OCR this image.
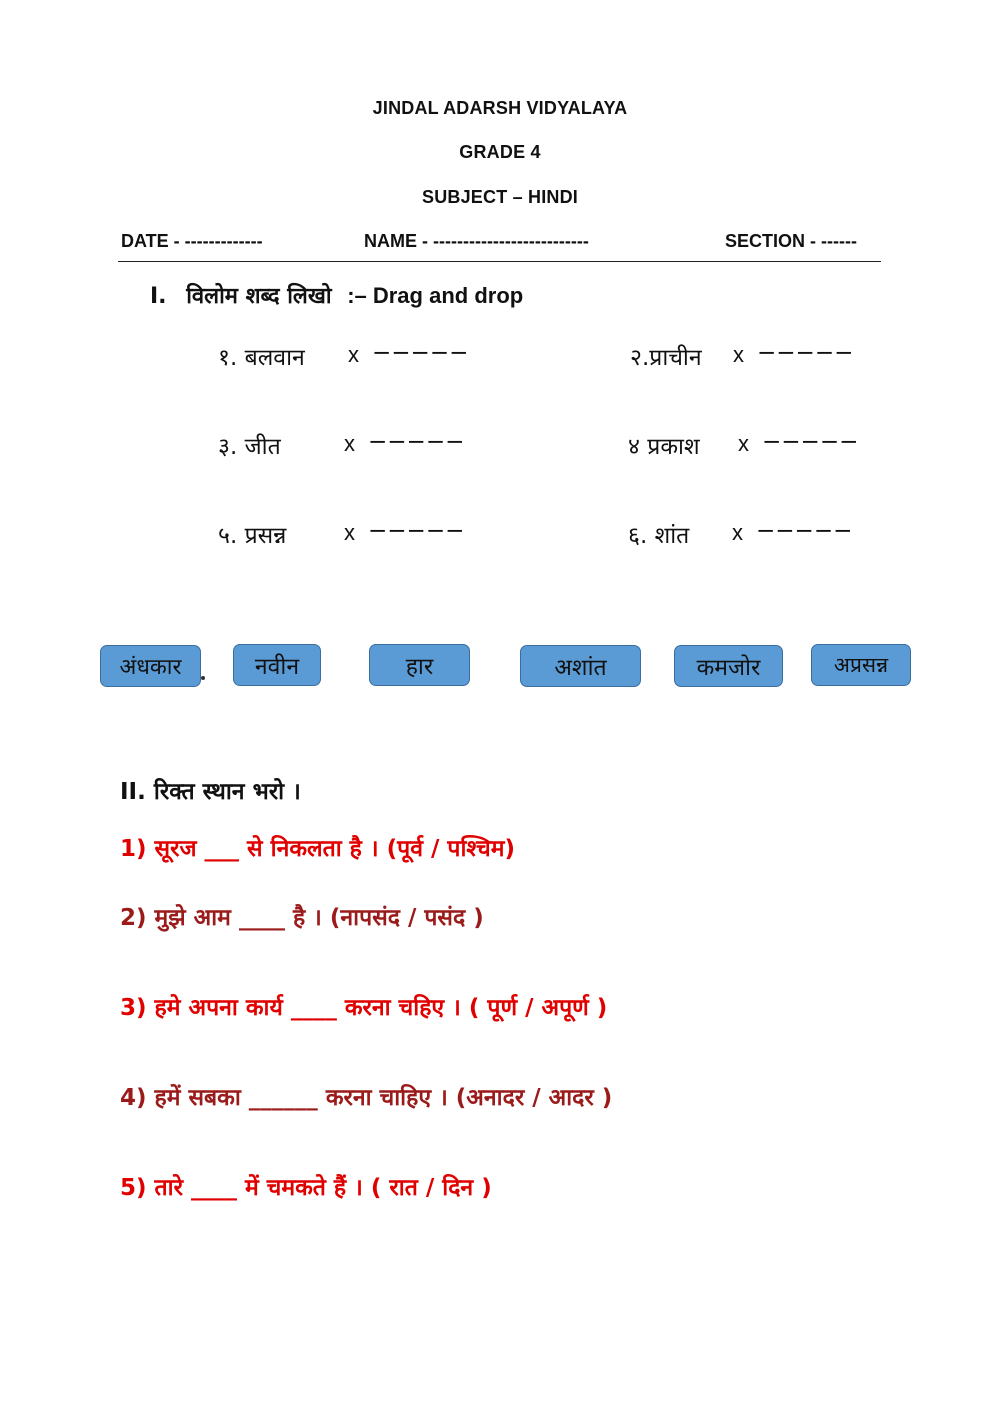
JINDAL ADARSH VIDYALAYA
GRADE 4
SUBJECT – HINDI
DATE - -------------	NAME - --------------------------	SECTION - ------
I. विलोम शब्द लिखो :– Drag and drop
१. बलवान x −−−−−	२.प्राचीन x −−−−−
३. जीत	x −−−−−	४ प्रकाश x −−−−−
५. प्रसन्न	x −−−−−	६. शांत x −−−−−
अंधकार	नवीन	हार	अशांत	कमजोर	अप्रसन्न
II. रिक्त स्थान भरो ।
1) सूरज ___ से निकलता है । (पूर्व / पश्चिम)
2) मुझे आम ____ है । (नापसंद / पसंद )
3) हमे अपना कार्य ____ करना चहिए । ( पूर्ण / अपूर्ण )
4) हमें सबका ______ करना चाहिए । (अनादर / आदर )
5) तारे ____ में चमकते हैं । ( रात / दिन )
